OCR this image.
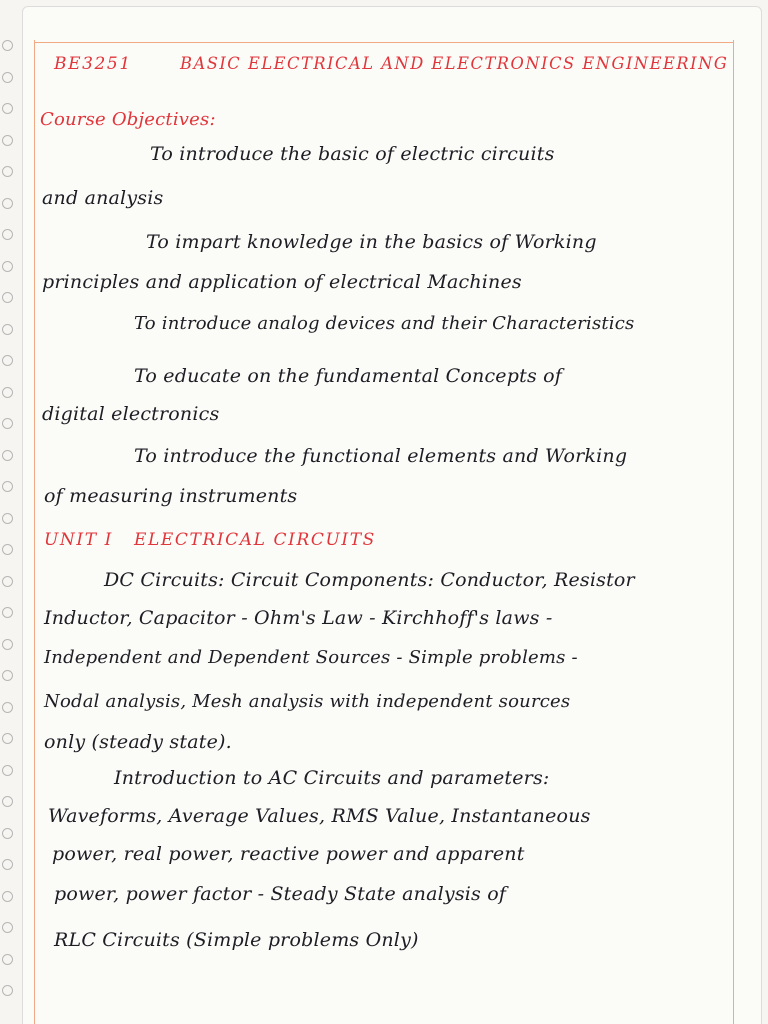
BE3251	BASIC ELECTRICAL AND ELECTRONICS ENGINEERING
Course Objectives:
To introduce the basic of electric circuits
and analysis
To impart knowledge in the basics of Working
principles and application of electrical Machines
To introduce analog devices and their Characteristics
To educate on the fundamental Concepts of
digital electronics
To introduce the functional elements and Working
of measuring instruments
UNIT I   ELECTRICAL CIRCUITS
DC Circuits: Circuit Components: Conductor, Resistor
Inductor, Capacitor - Ohm's Law - Kirchhoff's laws -
Independent and Dependent Sources - Simple problems -
Nodal analysis, Mesh analysis with independent sources
only (steady state).
Introduction to AC Circuits and parameters:
Waveforms, Average Values, RMS Value, Instantaneous
power, real power, reactive power and apparent
power, power factor - Steady State analysis of
RLC Circuits (Simple problems Only)
